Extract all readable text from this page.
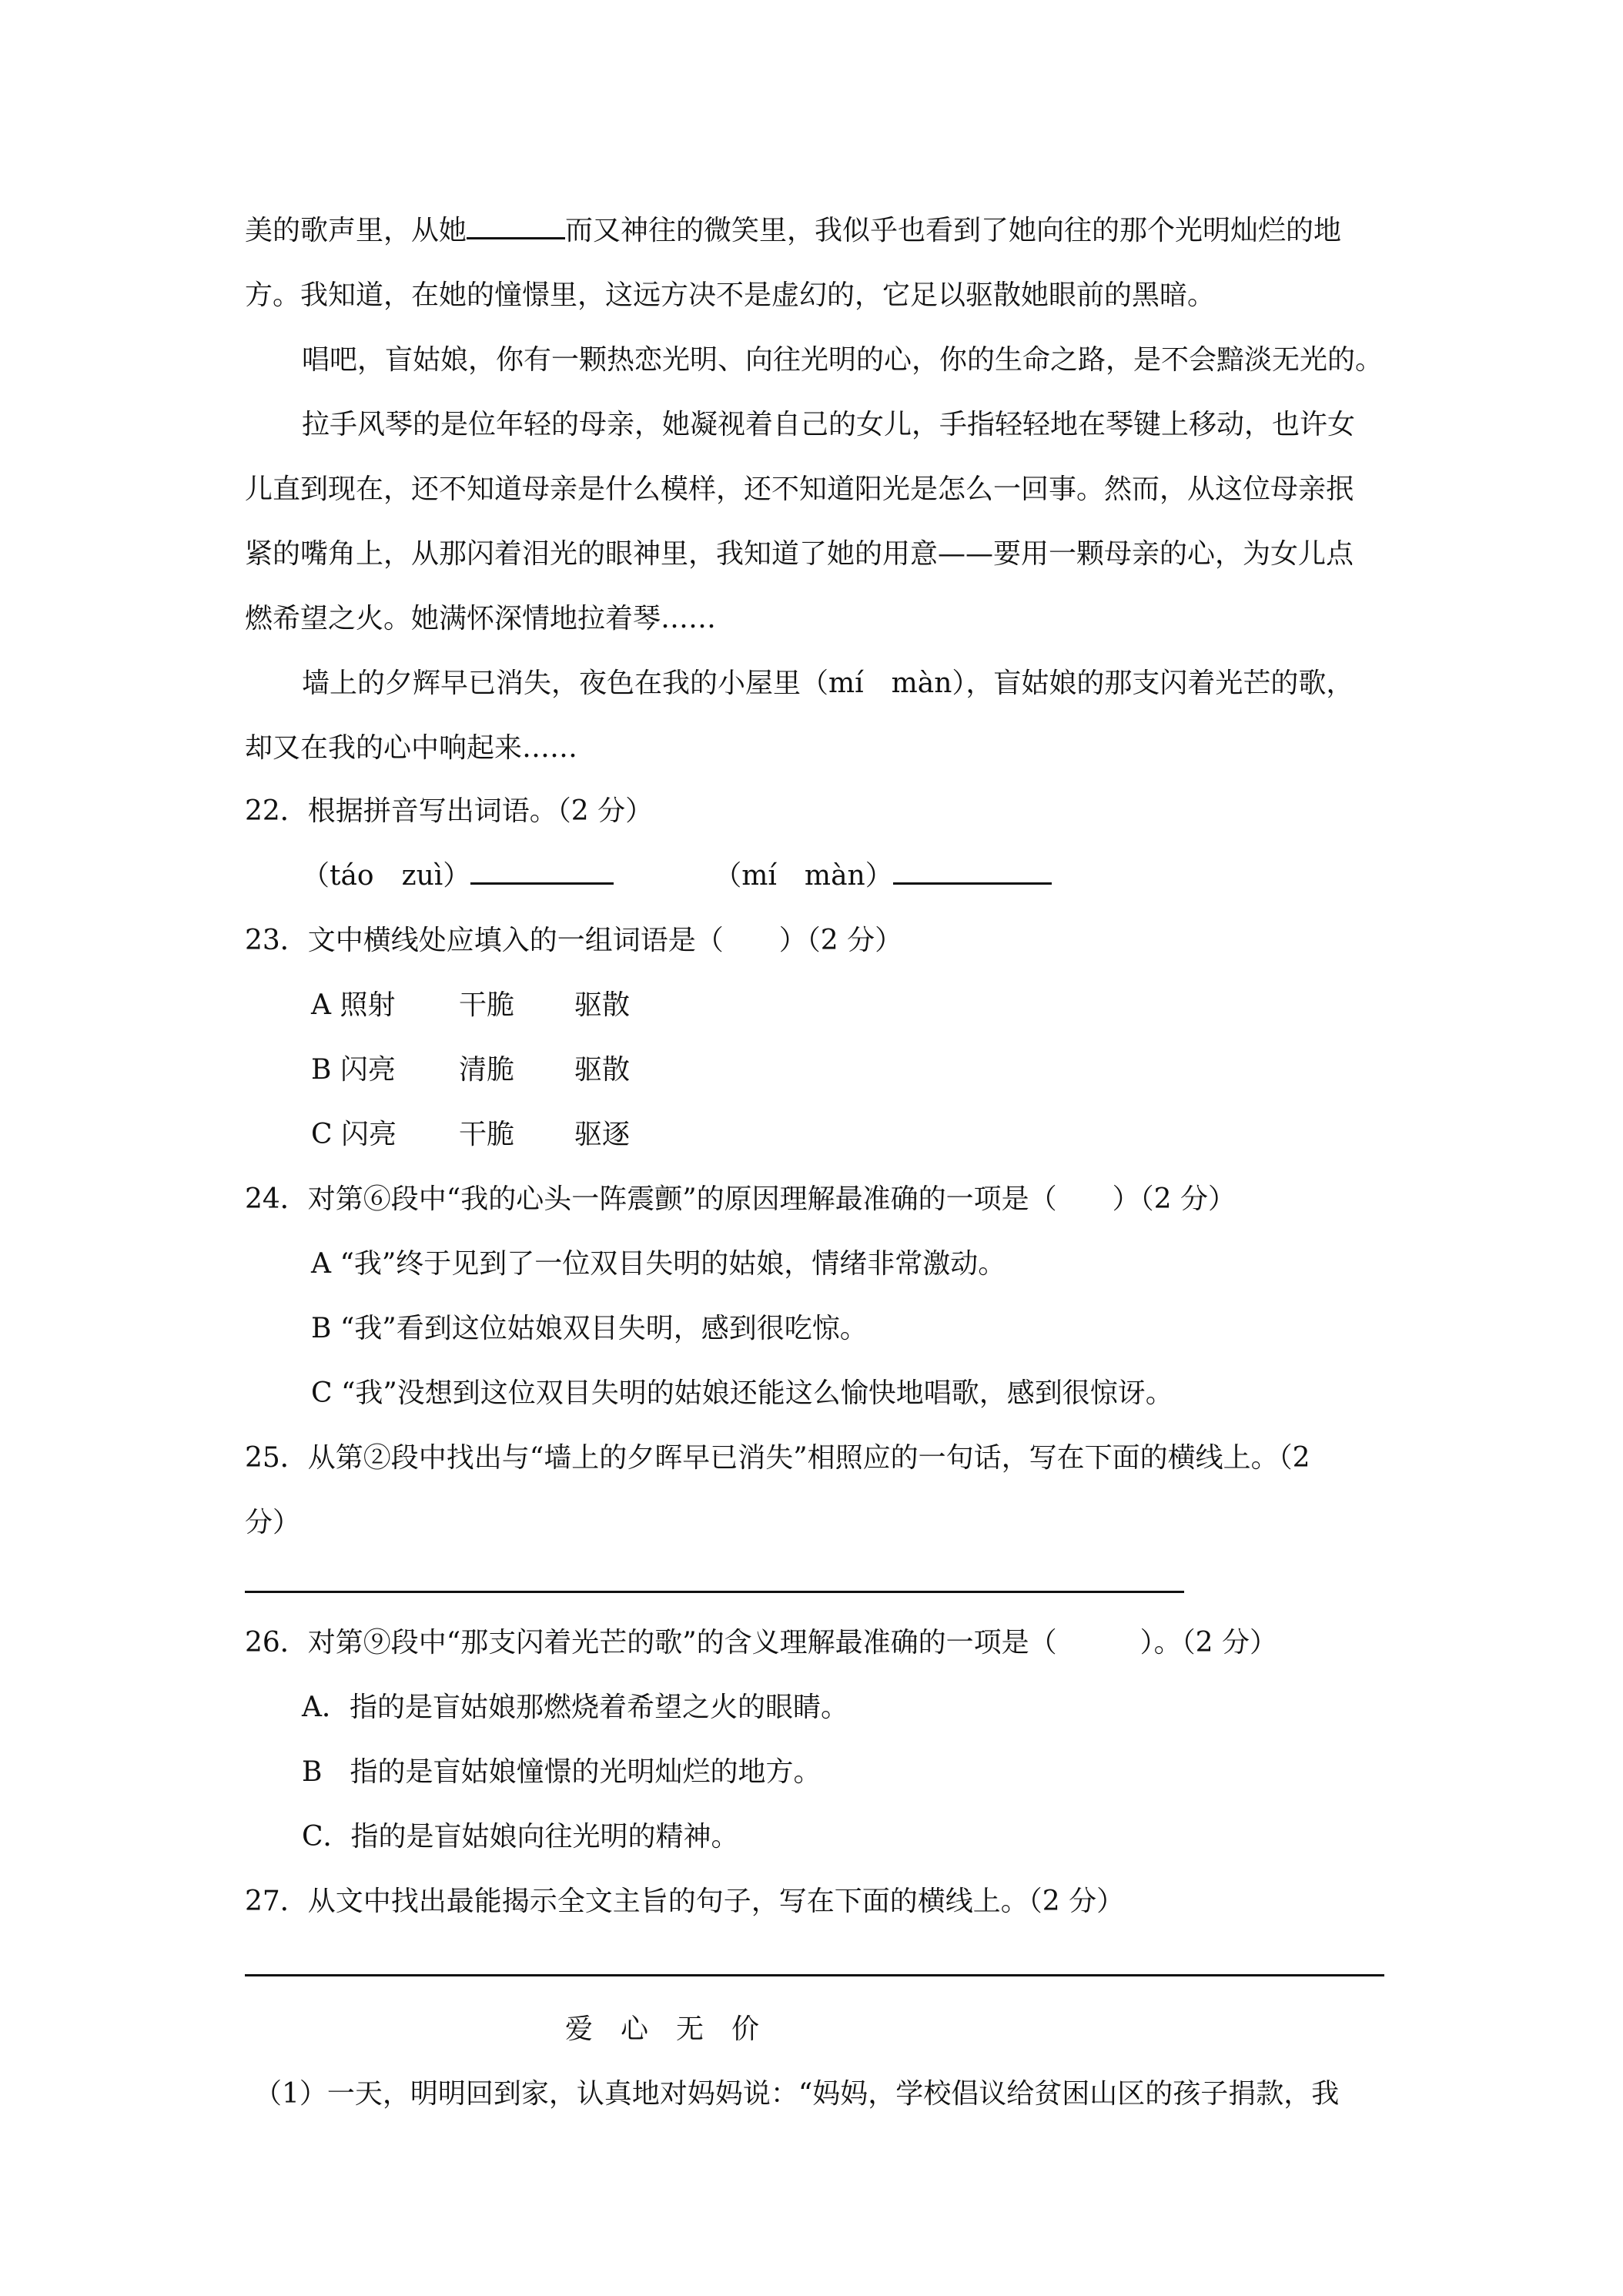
美的歌声里，从她	而又神往的微笑里，我似乎也看到了她向往的那个光明灿烂的地
方。我知道，在她的憧憬里，这远方决不是虚幻的，它足以驱散她眼前的黑暗。
唱吧，盲姑娘，你有一颗热恋光明、向往光明的心，你的生命之路，是不会黯淡无光的。
拉手风琴的是位年轻的母亲，她凝视着自己的女儿，手指轻轻地在琴键上移动，也许女
儿直到现在，还不知道母亲是什么模样，还不知道阳光是怎么一回事。然而，从这位母亲抿
紧的嘴角上，从那闪着泪光的眼神里，我知道了她的用意——要用一颗母亲的心，为女儿点
燃希望之火。她满怀深情地拉着琴……
墙上的夕辉早已消失，夜色在我的小屋里（mí　màn），盲姑娘的那支闪着光芒的歌，
却又在我的心中响起来……
22．根据拼音写出词语。（2 分）
（táo　zuì）	（mí　màn）
23．文中横线处应填入的一组词语是（　　）（2 分）
A 照射 干脆 驱散
B 闪亮 清脆 驱散
C 闪亮 干脆 驱逐
24．对第⑥段中“我的心头一阵震颤”的原因理解最准确的一项是（　　）（2 分）
A “我”终于见到了一位双目失明的姑娘，情绪非常激动。
B “我”看到这位姑娘双目失明，感到很吃惊。
C “我”没想到这位双目失明的姑娘还能这么愉快地唱歌，感到很惊讶。
25．从第②段中找出与“墙上的夕晖早已消失”相照应的一句话，写在下面的横线上。（2
分）
26．对第⑨段中“那支闪着光芒的歌”的含义理解最准确的一项是（　　　）。（2 分）
A．指的是盲姑娘那燃烧着希望之火的眼睛。
B　指的是盲姑娘憧憬的光明灿烂的地方。
C．指的是盲姑娘向往光明的精神。
27．从文中找出最能揭示全文主旨的句子，写在下面的横线上。（2 分）
爱　心　无　价
（1）一天，明明回到家，认真地对妈妈说：“妈妈，学校倡议给贫困山区的孩子捐款，我
